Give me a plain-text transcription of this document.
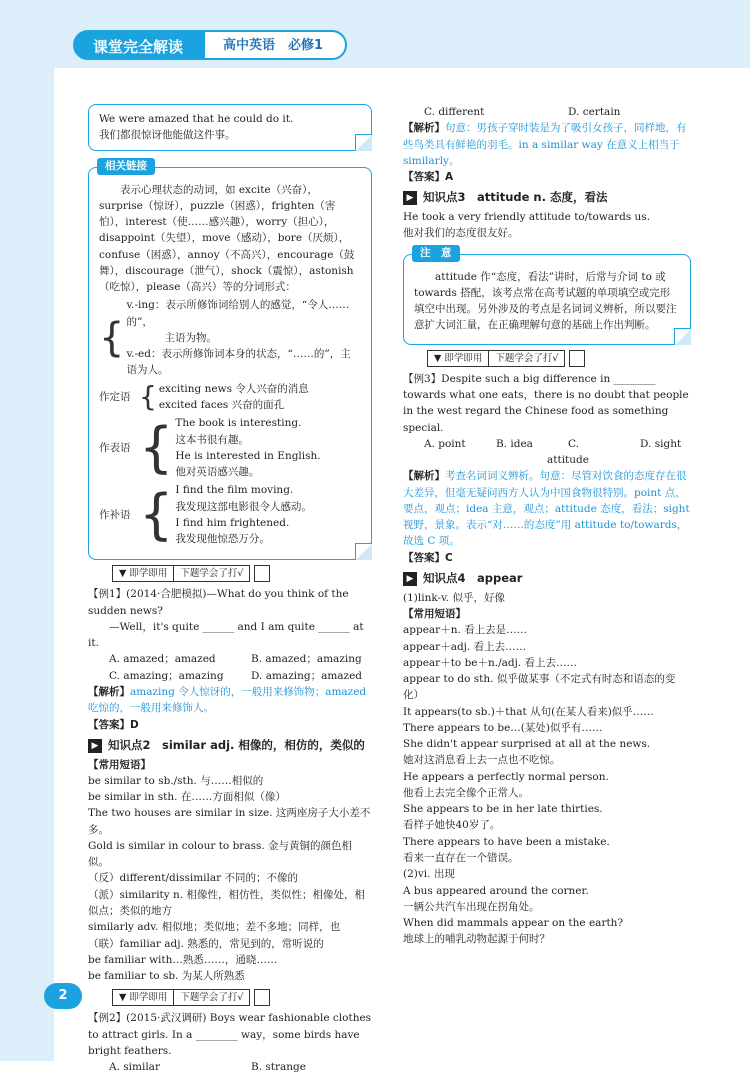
课堂完全解读	高中英语　必修1
2

We were amazed that he could do it.

我们都很惊讶他能做这件事。

相关链接

表示心理状态的动词，如 excite（兴奋），surprise（惊讶），puzzle（困惑），frighten（害怕），interest（使……感兴趣），worry（担心），disappoint（失望），move（感动），bore（厌烦），confuse（困惑），annoy（不高兴），encourage（鼓舞），discourage（泄气），shock（震惊），astonish（吃惊），please（高兴）等的分词形式：

{

v.-ing：表示所修饰词给别人的感觉，“令人……的”，

主语为物。

v.-ed：表示所修饰词本身的状态，“……的”，主语为人。

作定语 { exciting news 令人兴奋的消息

excited faces 兴奋的面孔

作表语 { The book is interesting.

这本书很有趣。

He is interested in English.

他对英语感兴趣。

作补语 { I find the film moving.

我发现这部电影很令人感动。

I find him frightened.

我发现他惊恐万分。

▼ 即学即用	下题学会了打√

【例1】(2014·合肥模拟)—What do you think of the sudden news?

—Well，it's quite ______ and I am quite ______ at it.

A. amazed；amazed	B. amazed；amazing
C. amazing；amazing	D. amazing；amazed

【解析】amazing 令人惊讶的，一般用来修饰物；amazed 吃惊的，一般用来修饰人。

【答案】D

▶ 知识点2　similar adj. 相像的，相仿的，类似的

【常用短语】

be similar to sb./sth. 与……相似的

be similar in sth. 在……方面相似（像）

The two houses are similar in size. 这两座房子大小差不多。

Gold is similar in colour to brass. 金与黄铜的颜色相似。

（反）different/dissimilar 不同的；不像的

（派）similarity n. 相像性，相仿性，类似性；相像处，相似点；类似的地方

similarly adv. 相似地；类似地；差不多地；同样，也

（联）familiar adj. 熟悉的，常见到的，常听说的

be familiar with…熟悉……，通晓……

be familiar to sb. 为某人所熟悉

▼ 即学即用	下题学会了打√

【例2】(2015·武汉调研) Boys wear fashionable clothes to attract girls. In a ________ way，some birds have bright feathers.

A. similar	B. strange
C. different	D. certain

【解析】句意：男孩子穿时装是为了吸引女孩子，同样地，有些鸟类具有鲜艳的羽毛。in a similar way 在意义上相当于 similarly。

【答案】A

▶ 知识点3　attitude n. 态度，看法

He took a very friendly attitude to/towards us.

他对我们的态度很友好。

注　意

attitude 作“态度，看法”讲时，后常与介词 to 或 towards 搭配，该考点常在高考试题的单项填空或完形填空中出现。另外涉及的考点是名词词义辨析，所以要注意扩大词汇量，在正确理解句意的基础上作出判断。

▼ 即学即用	下题学会了打√

【例3】Despite such a big difference in ________ towards what one eats，there is no doubt that people in the west regard the Chinese food as something special.

A. point	B. idea	C. attitude
D. sight

【解析】考查名词词义辨析。句意：尽管对饮食的态度存在很大差异，但毫无疑问西方人认为中国食物很特别。point 点，要点，观点；idea 主意，观点；attitude 态度，看法；sight 视野，景象。表示“对……的态度”用 attitude to/towards，故选 C 项。

【答案】C

▶ 知识点4　appear

(1)link-v. 似乎，好像

【常用短语】

appear＋n. 看上去是……

appear＋adj. 看上去……

appear＋to be＋n./adj. 看上去……

appear to do sth. 似乎做某事（不定式有时态和语态的变化）

It appears(to sb.)＋that 从句(在某人看来)似乎……

There appears to be…(某处)似乎有……

She didn't appear surprised at all at the news.

她对这消息看上去一点也不吃惊。

He appears a perfectly normal person.

他看上去完全像个正常人。

She appears to be in her late thirties.

看样子她快40岁了。

There appears to have been a mistake.

看来一直存在一个错误。

(2)vi. 出现

A bus appeared around the corner.

一辆公共汽车出现在拐角处。

When did mammals appear on the earth?

地球上的哺乳动物起源于何时？
